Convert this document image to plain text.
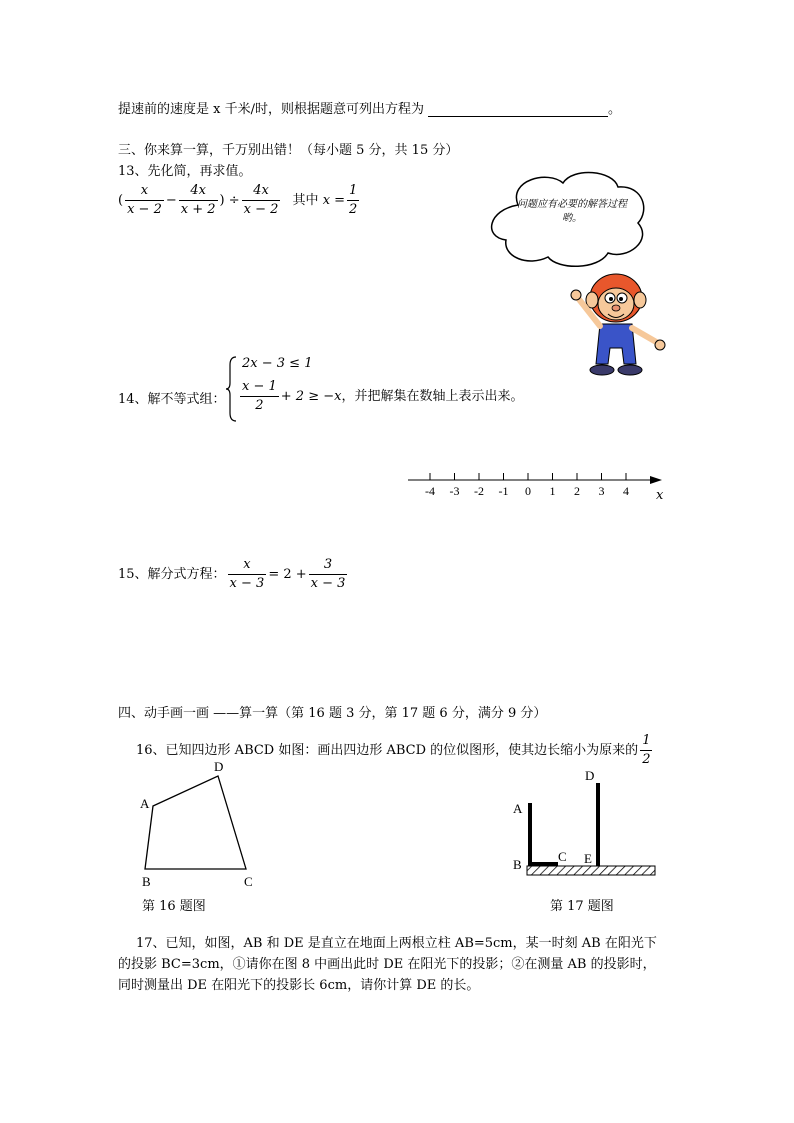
提速前的速度是 x 千米/时，则根据题意可列出方程为	。
三、你来算一算，千万别出错！（每小题 5 分，共 15 分）
13、先化简，再求值。
( $\frac{x}{x - 2} - \frac{4x}{x + 2}$ ) ÷ $\frac{4x}{x - 2}$ 其中 $x = \frac{1}{2}$	问题应有必要的解答过程哟。
14、解不等式组：
2x − 3 ≤ 1
$\frac{x - 1}{2} + 2 \ge -x$，并把解集在数轴上表示出来。
-4 -3 -2 -1 0 1 2 3 4 x
15、解分式方程： $\frac{x}{x - 3} = 2 + \frac{3}{x - 3}$
四、动手画一画 ——算一算（第 16 题 3 分，第 17 题 6 分，满分 9 分）
16、已知四边形 ABCD 如图：画出四边形 ABCD 的位似图形，使其边长缩小为原来的 $\frac{1}{2}$
A
B	C
D
第 16 题图
A
B
C
D
E
第 17 题图
17、已知，如图，AB 和 DE 是直立在地面上两根立柱 AB=5cm，某一时刻 AB 在阳光下
的投影 BC=3cm，①请你在图 8 中画出此时 DE 在阳光下的投影；②在测量 AB 的投影时，
同时测量出 DE 在阳光下的投影长 6cm，请你计算 DE 的长。
